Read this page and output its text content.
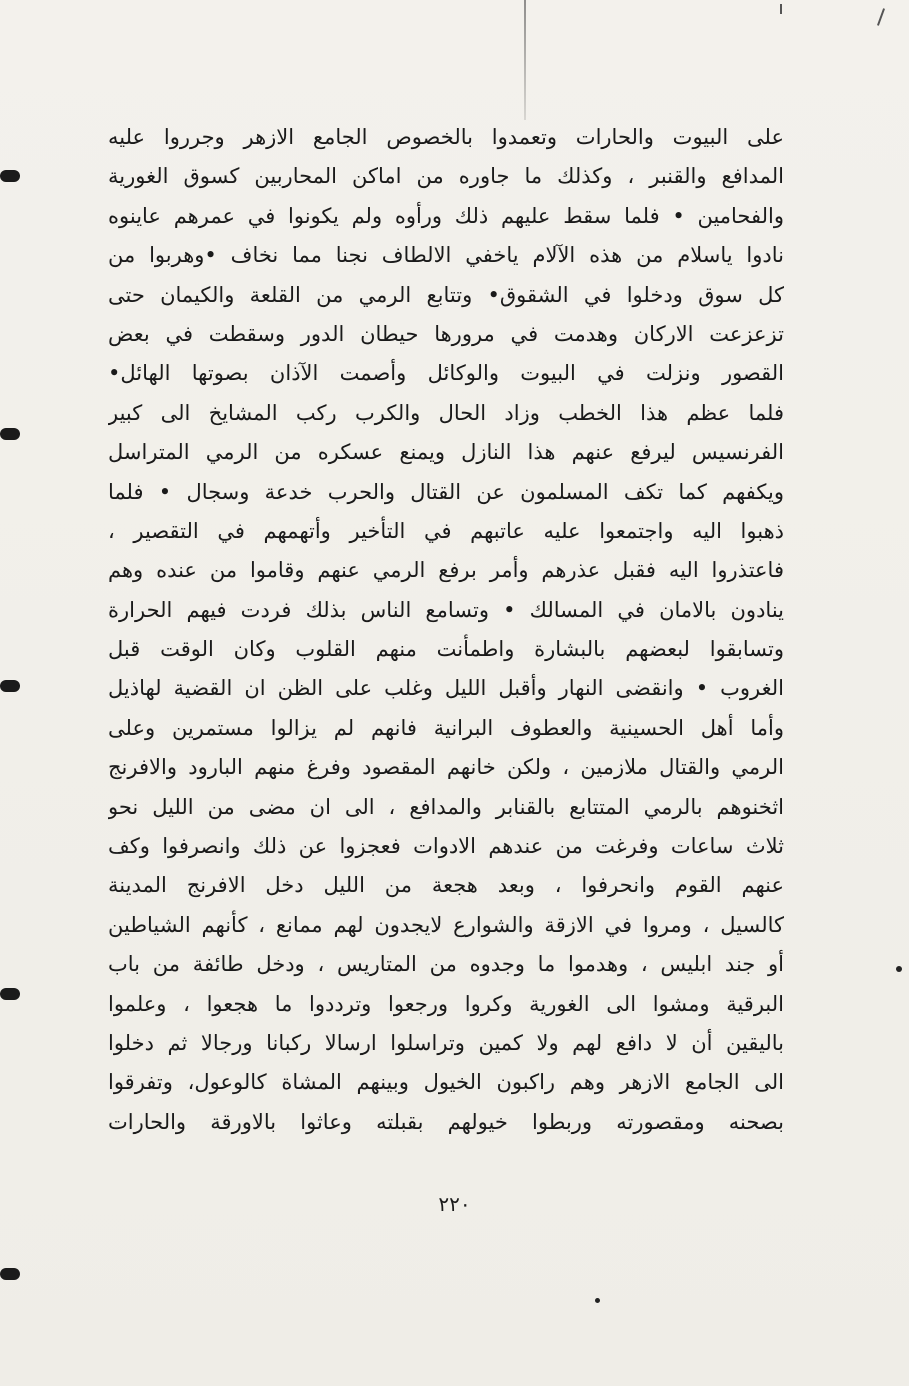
على البيوت والحارات وتعمدوا بالخصوص الجامع الازهر وجرروا عليه
المدافع والقنبر ، وكذلك ما جاوره من اماكن المحاربين كسوق الغورية
والفحامين • فلما سقط عليهم ذلك ورأوه ولم يكونوا في عمرهم عاينوه
نادوا ياسلام من هذه الآلام ياخفي الالطاف نجنا مما نخاف •وهربوا من
كل سوق ودخلوا في الشقوق• وتتابع الرمي من القلعة والكيمان حتى
تزعزعت الاركان وهدمت في مرورها حيطان الدور وسقطت في بعض
القصور ونزلت في البيوت والوكائل وأصمت الآذان بصوتها الهائل•
فلما عظم هذا الخطب وزاد الحال والكرب ركب المشايخ الى كبير
الفرنسيس ليرفع عنهم هذا النازل ويمنع عسكره من الرمي المتراسل
ويكفهم كما تكف المسلمون عن القتال والحرب خدعة وسجال • فلما
ذهبوا اليه واجتمعوا عليه عاتبهم في التأخير وأتهمهم في التقصير ،
فاعتذروا اليه فقبل عذرهم وأمر برفع الرمي عنهم وقاموا من عنده وهم
ينادون بالامان في المسالك • وتسامع الناس بذلك فردت فيهم الحرارة
وتسابقوا لبعضهم بالبشارة واطمأنت منهم القلوب وكان الوقت قبل
الغروب • وانقضى النهار وأقبل الليل وغلب على الظن ان القضية لهاذيل
وأما أهل الحسينية والعطوف البرانية فانهم لم يزالوا مستمرين وعلى
الرمي والقتال ملازمين ، ولكن خانهم المقصود وفرغ منهم البارود والافرنج
اثخنوهم بالرمي المتتابع بالقنابر والمدافع ، الى ان مضى من الليل نحو
ثلاث ساعات وفرغت من عندهم الادوات فعجزوا عن ذلك وانصرفوا وكف
عنهم القوم وانحرفوا ، وبعد هجعة من الليل دخل الافرنج المدينة
كالسيل ، ومروا في الازقة والشوارع لايجدون لهم ممانع ، كأنهم الشياطين
أو جند ابليس ، وهدموا ما وجدوه من المتاريس ، ودخل طائفة من باب
البرقية ومشوا الى الغورية وكروا ورجعوا وترددوا ما هجعوا ، وعلموا
باليقين أن لا دافع لهم ولا كمين وتراسلوا ارسالا ركبانا ورجالا ثم دخلوا
الى الجامع الازهر وهم راكبون الخيول وبينهم المشاة كالوعول، وتفرقوا
بصحنه ومقصورته وربطوا خيولهم بقبلته وعاثوا بالاورقة والحارات
٢٢٠
